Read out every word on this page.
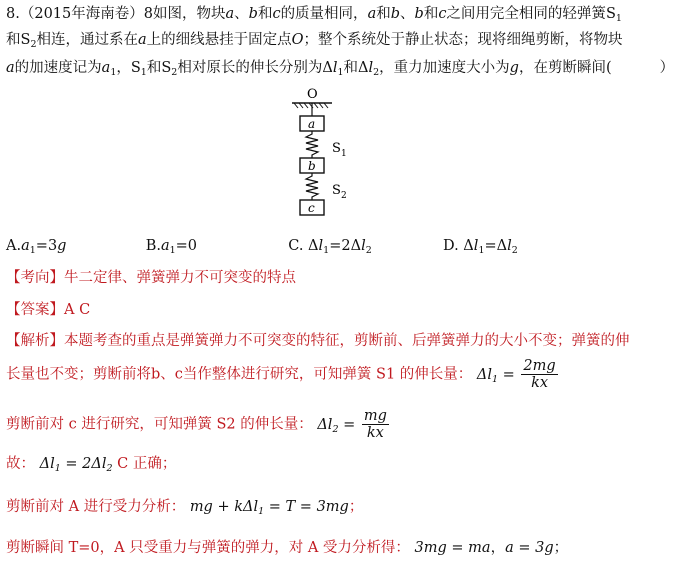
8.（2015年海南卷）8如图，物块a、b和c的质量相同，a和b、b和c之间用完全相同的轻弹簧$S_1$
和$S_2$相连，通过系在a上的细线悬挂于固定点O；整个系统处于静止状态；现将细绳剪断，将物块
a的加速度记为$a_1$，$S_1$和$S_2$相对原长的伸长分别为$\Delta l_1$和$\Delta l_2$，重力加速度大小为g，在剪断瞬间(	）
O
a
S 1
b
S 2
c
$A.a_1=3g$	$B.a_1=0$	C. $\Delta l_1=2\Delta l_2$	D. $\Delta l_1=\Delta l_2$
【考向】牛二定律、弹簧弹力不可突变的特点
【答案】A C
【解析】本题考查的重点是弹簧弹力不可突变的特征，剪断前、后弹簧弹力的大小不变；弹簧的伸
长量也不变；剪断前将b、c当作整体进行研究，可知弹簧 S1 的伸长量： $\Delta l_1 = \frac{2mg}{kx}$
剪断前对 c 进行研究，可知弹簧 S2 的伸长量： $\Delta l_2 = \frac{mg}{kx}$
故： $\Delta l_1 = 2\Delta l_2$ C 正确；
剪断前对 A 进行受力分析： mg + kΔl$_1$ = T = 3mg；
剪断瞬间 T=0，A 只受重力与弹簧的弹力，对 A 受力分析得： 3mg = ma，a = 3g；
